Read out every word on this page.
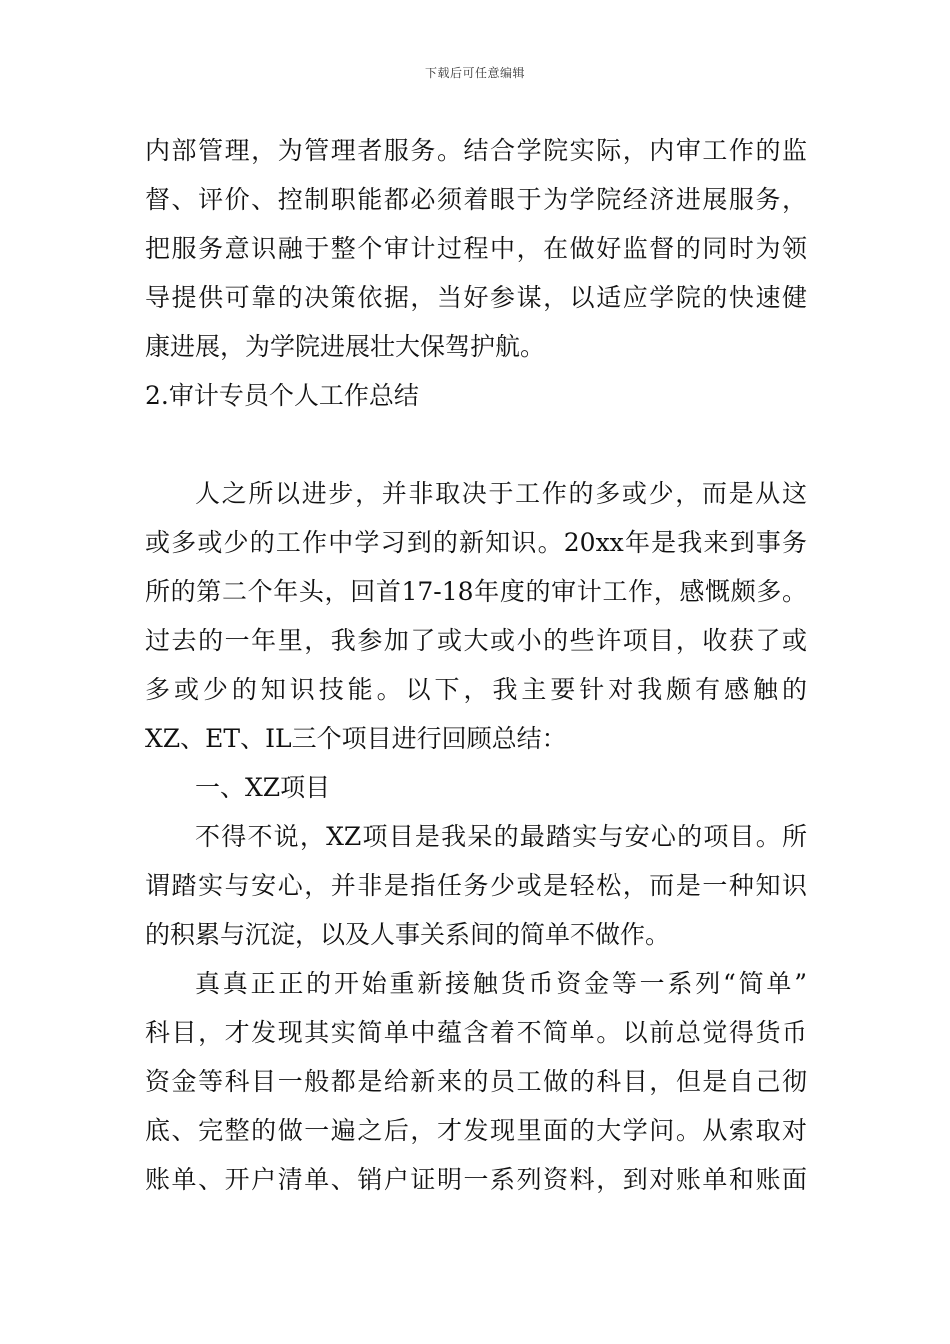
下载后可任意编辑
内部管理，为管理者服务。结合学院实际，内审工作的监
督、评价、控制职能都必须着眼于为学院经济进展服务，
把服务意识融于整个审计过程中，在做好监督的同时为领
导提供可靠的决策依据，当好参谋，以适应学院的快速健
康进展，为学院进展壮大保驾护航。
2.审计专员个人工作总结
人之所以进步，并非取决于工作的多或少，而是从这
或多或少的工作中学习到的新知识。20xx年是我来到事务
所的第二个年头，回首17-18年度的审计工作，感慨颇多。
过去的一年里，我参加了或大或小的些许项目，收获了或
多或少的知识技能。以下，我主要针对我颇有感触的
XZ、ET、IL三个项目进行回顾总结：
一、XZ项目
不得不说，XZ项目是我呆的最踏实与安心的项目。所
谓踏实与安心，并非是指任务少或是轻松，而是一种知识
的积累与沉淀，以及人事关系间的简单不做作。
真真正正的开始重新接触货币资金等一系列“简单”
科目，才发现其实简单中蕴含着不简单。以前总觉得货币
资金等科目一般都是给新来的员工做的科目，但是自己彻
底、完整的做一遍之后，才发现里面的大学问。从索取对
账单、开户清单、销户证明一系列资料，到对账单和账面
